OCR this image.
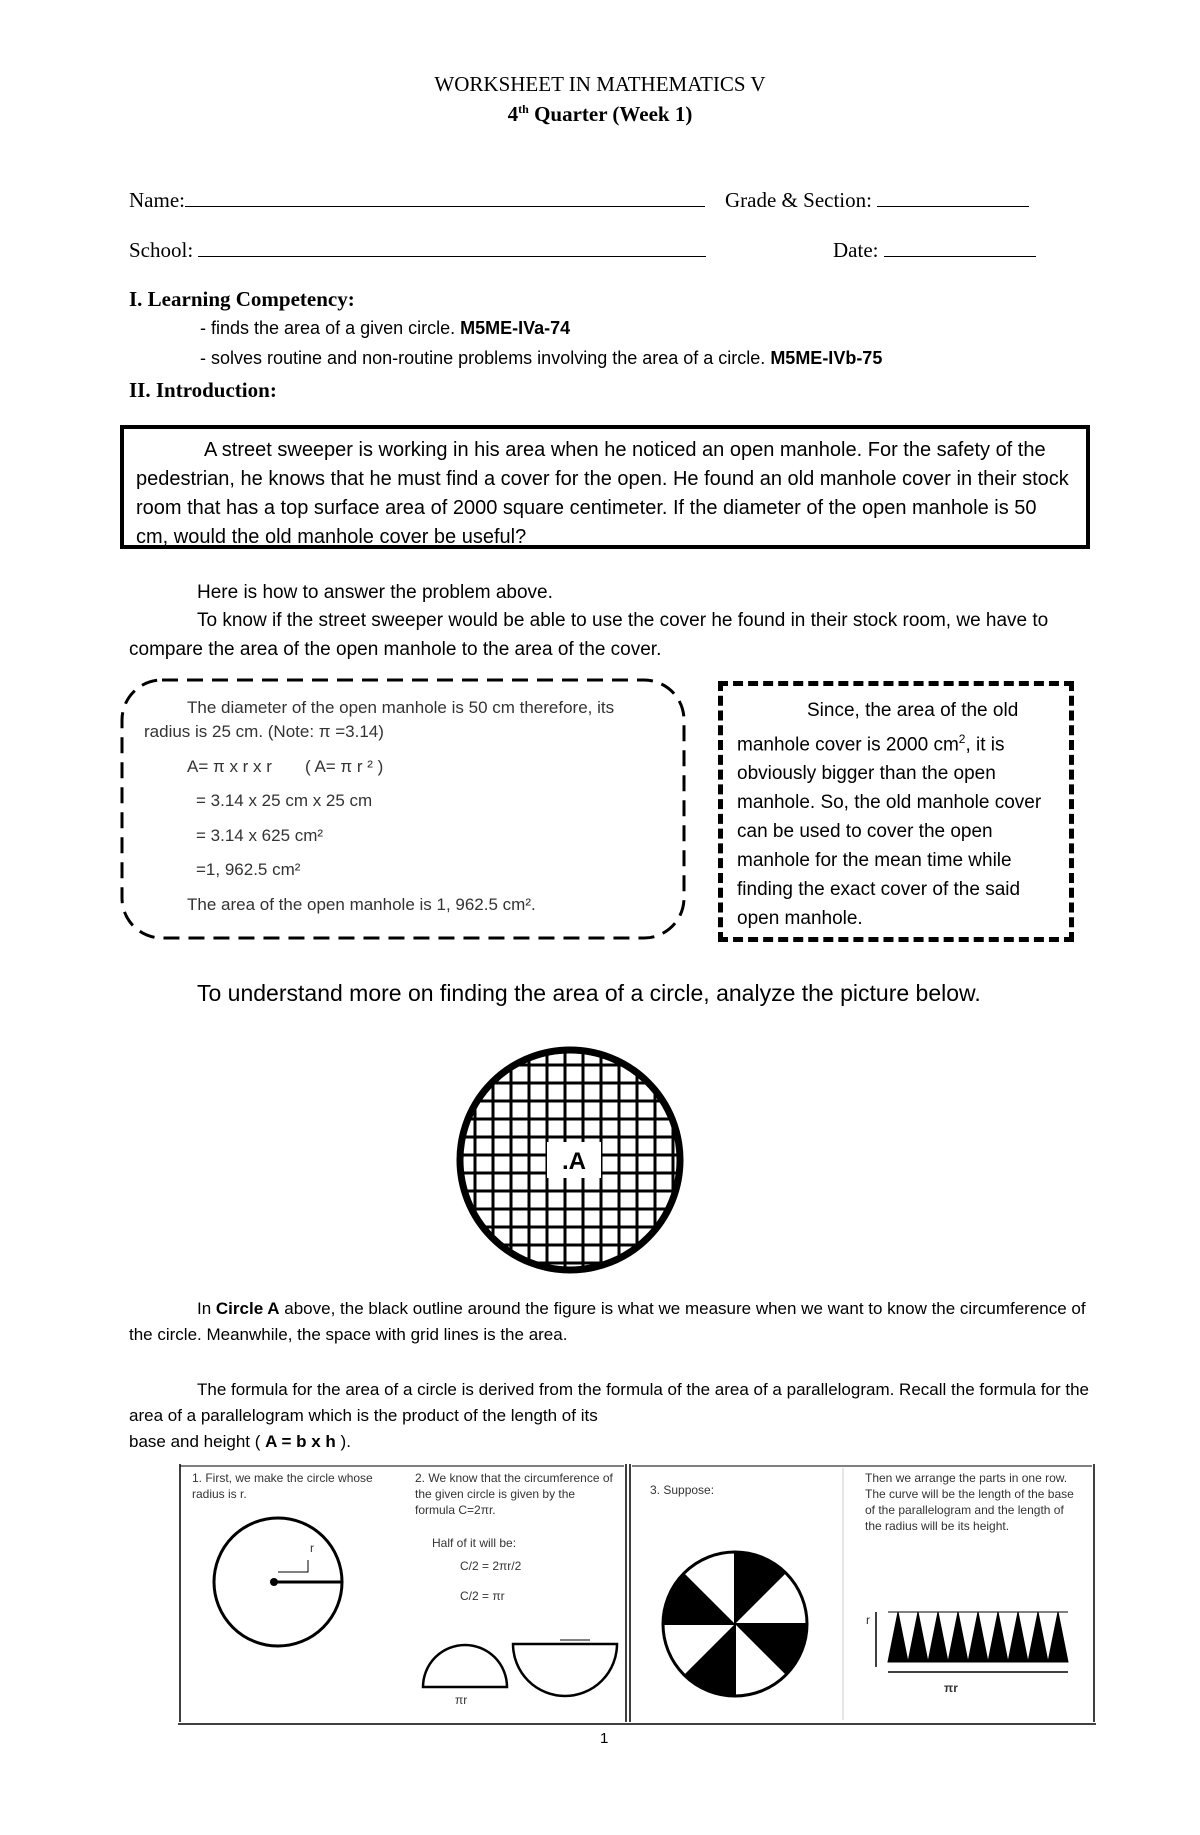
WORKSHEET IN MATHEMATICS V
4th Quarter (Week 1)
Name:	Grade & Section:
School:	Date:
I. Learning Competency:
- finds the area of a given circle. M5ME-IVa-74
- solves routine and non-routine problems involving the area of a circle. M5ME-IVb-75
II. Introduction:
A street sweeper is working in his area when he noticed an open manhole. For the safety of the pedestrian, he knows that he must find a cover for the open. He found an old manhole cover in their stock room that has a top surface area of 2000 square centimeter. If the diameter of the open manhole is 50 cm, would the old manhole cover be useful?
Here is how to answer the problem above.
To know if the street sweeper would be able to use the cover he found in their stock room, we have to compare the area of the open manhole to the area of the cover.
The diameter of the open manhole is 50 cm therefore, its
radius is 25 cm. (Note: π =3.14)
A= π x r x r ( A= π r ² )
= 3.14 x 25 cm x 25 cm
= 3.14 x 625 cm²
=1, 962.5 cm²
The area of the open manhole is 1, 962.5 cm².
Since, the area of the old manhole cover is 2000 $cm^2$, it is obviously bigger than the open manhole. So, the old manhole cover can be used to cover the open manhole for the mean time while finding the exact cover of the said open manhole.
To understand more on finding the area of a circle, analyze the picture below.
.A
In Circle A above, the black outline around the figure is what we measure when we want to know the circumference of the circle. Meanwhile, the space with grid lines is the area.
The formula for the area of a circle is derived from the formula of the area of a parallelogram. Recall the formula for the area of a parallelogram which is the product of the length of its
base and height ( A = b x h ).
1. First, we make the circle whose radius is r.
2. We know that the circumference of the given circle is given by the formula C=2πr.
Half of it will be:
C/2 = 2πr/2
C/2 = πr
3. Suppose:
Then we arrange the parts in one row. The curve will be the length of the base of the parallelogram and the length of the radius will be its height.
r
r
πr
πr
1
